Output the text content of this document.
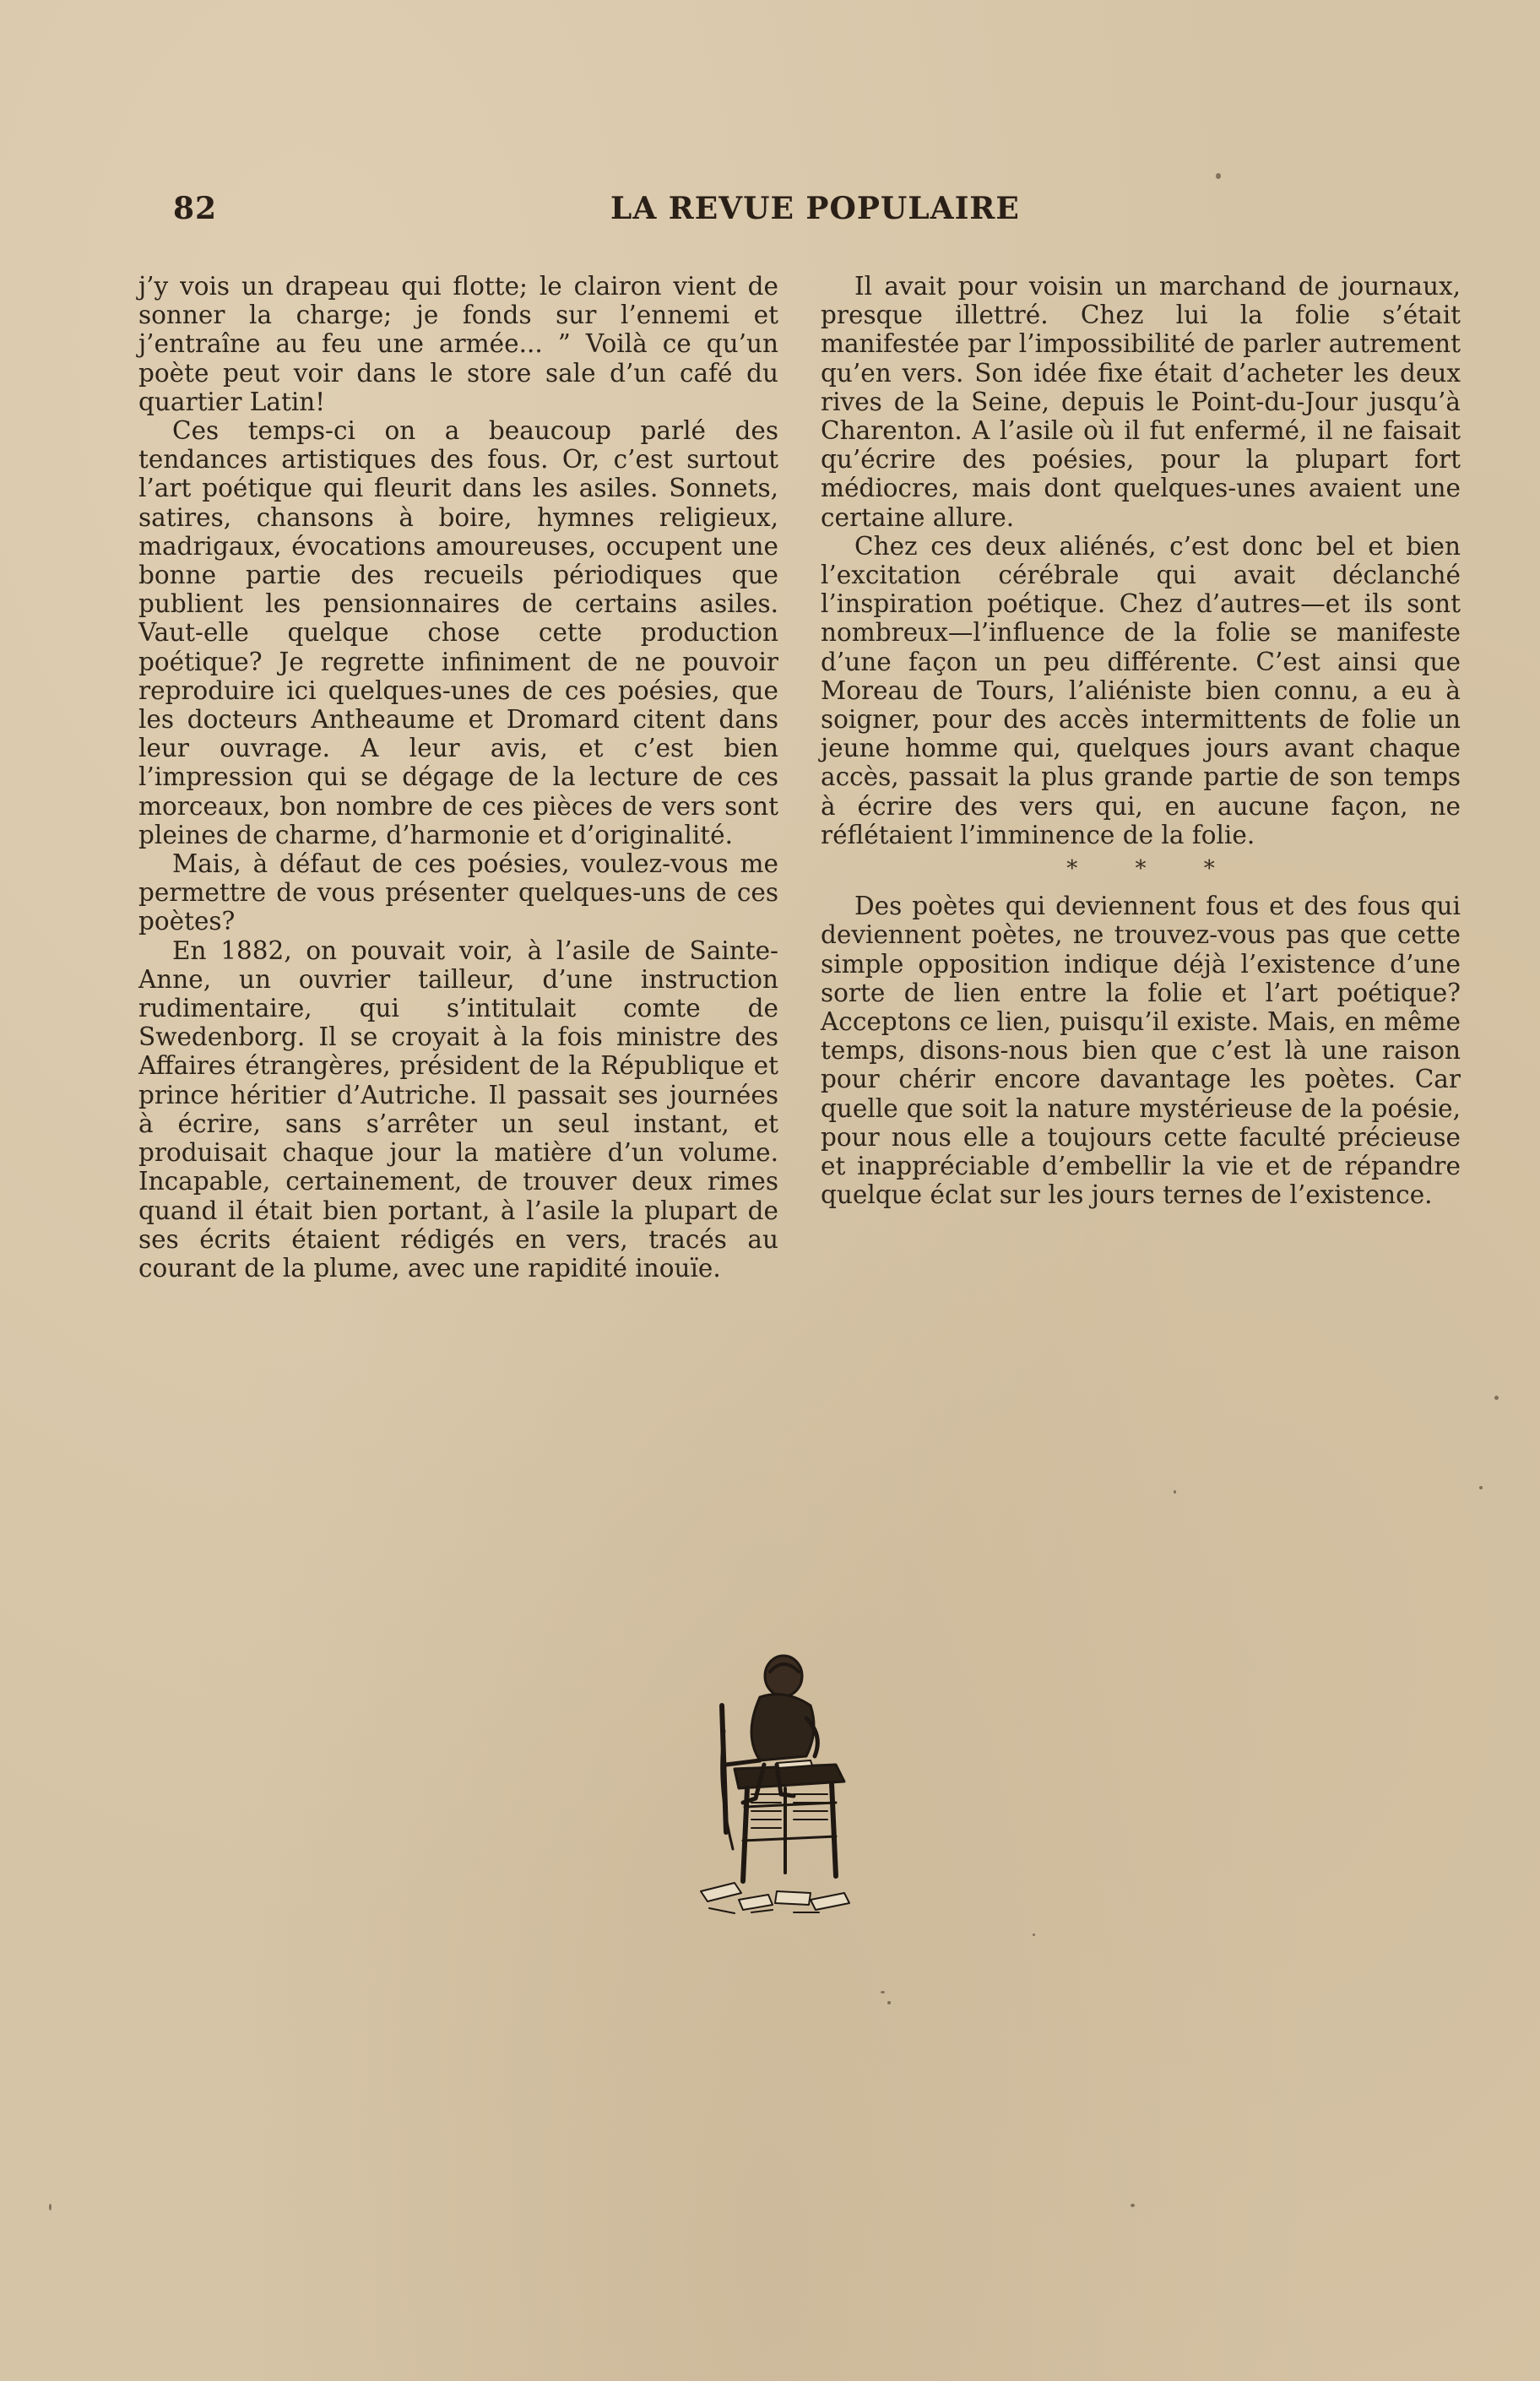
82	LA REVUE POPULAIRE

j’y vois un drapeau qui flotte; le clairon vient de sonner la charge; je fonds sur l’ennemi et j’entraîne au feu une armée... ” Voilà ce qu’un poète peut voir dans le store sale d’un café du quartier Latin!

Ces temps-ci on a beaucoup parlé des tendances artistiques des fous. Or, c’est surtout l’art poétique qui fleurit dans les asiles. Sonnets, satires, chansons à boire, hymnes religieux, madrigaux, évocations amoureuses, occupent une bonne partie des recueils périodiques que publient les pensionnaires de certains asiles. Vaut-elle quelque chose cette production poétique? Je regrette infiniment de ne pouvoir reproduire ici quelques-unes de ces poésies, que les docteurs Antheaume et Dromard citent dans leur ouvrage. A leur avis, et c’est bien l’impression qui se dégage de la lecture de ces morceaux, bon nombre de ces pièces de vers sont pleines de charme, d’harmonie et d’originalité.

Mais, à défaut de ces poésies, voulez-vous me permettre de vous présenter quelques-uns de ces poètes?

En 1882, on pouvait voir, à l’asile de Sainte-Anne, un ouvrier tailleur, d’une instruction rudimentaire, qui s’intitulait comte de Swedenborg. Il se croyait à la fois ministre des Affaires étrangères, président de la République et prince héritier d’Autriche. Il passait ses journées à écrire, sans s’arrêter un seul instant, et produisait chaque jour la matière d’un volume. Incapable, certainement, de trouver deux rimes quand il était bien portant, à l’asile la plupart de ses écrits étaient rédigés en vers, tracés au courant de la plume, avec une rapidité inouïe.

Il avait pour voisin un marchand de journaux, presque illettré. Chez lui la folie s’était manifestée par l’impossibilité de parler autrement qu’en vers. Son idée fixe était d’acheter les deux rives de la Seine, depuis le Point-du-Jour jusqu’à Charenton. A l’asile où il fut enfermé, il ne faisait qu’écrire des poésies, pour la plupart fort médiocres, mais dont quelques-unes avaient une certaine allure.

Chez ces deux aliénés, c’est donc bel et bien l’excitation cérébrale qui avait déclanché l’inspiration poétique. Chez d’autres—et ils sont nombreux—l’influence de la folie se manifeste d’une façon un peu différente. C’est ainsi que Moreau de Tours, l’aliéniste bien connu, a eu à soigner, pour des accès intermittents de folie un jeune homme qui, quelques jours avant chaque accès, passait la plus grande partie de son temps à écrire des vers qui, en aucune façon, ne réflétaient l’imminence de la folie.

* * *

Des poètes qui deviennent fous et des fous qui deviennent poètes, ne trouvez-vous pas que cette simple opposition indique déjà l’existence d’une sorte de lien entre la folie et l’art poétique? Acceptons ce lien, puisqu’il existe. Mais, en même temps, disons-nous bien que c’est là une raison pour chérir encore davantage les poètes. Car quelle que soit la nature mystérieuse de la poésie, pour nous elle a toujours cette faculté précieuse et inappréciable d’embellir la vie et de répandre quelque éclat sur les jours ternes de l’existence.
